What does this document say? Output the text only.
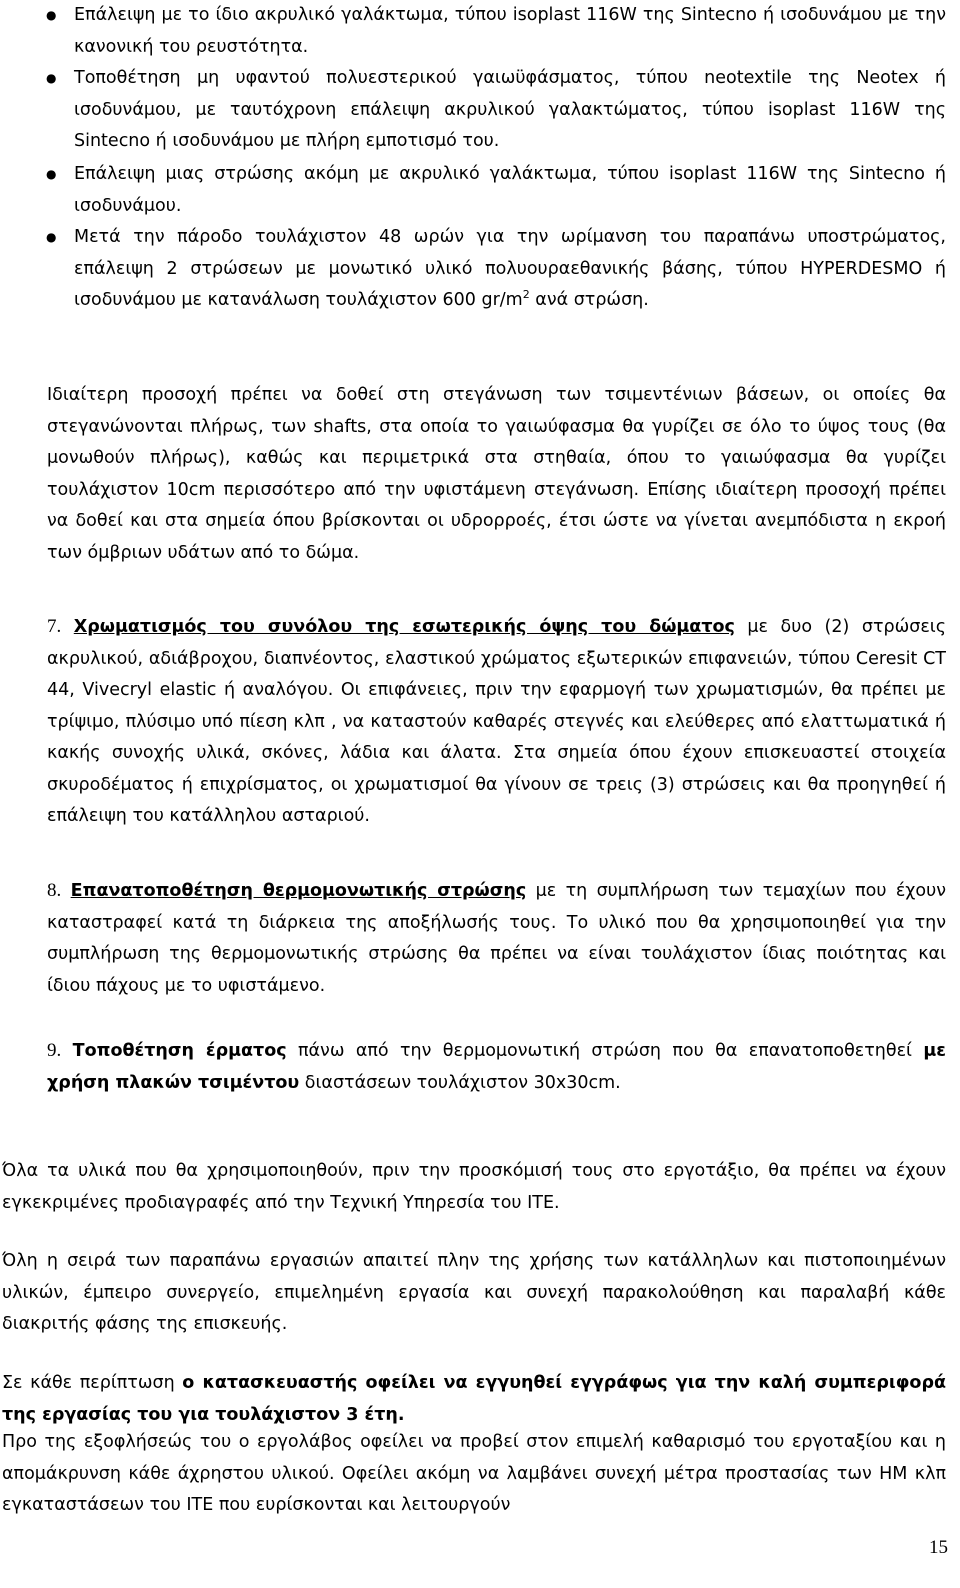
● Επάλειψη με το ίδιο ακρυλικό γαλάκτωμα, τύπου isoplast 116W της Sintecno ή ισοδυνάμου με την κανονική του ρευστότητα.
● Τοποθέτηση μη υφαντού πολυεστερικού γαιωϋφάσματος, τύπου neotextile της Neotex ή ισοδυνάμου, με ταυτόχρονη επάλειψη ακρυλικού γαλακτώματος, τύπου isoplast 116W της Sintecno ή ισοδυνάμου με πλήρη εμποτισμό του.
● Επάλειψη μιας στρώσης ακόμη με ακρυλικό γαλάκτωμα, τύπου isoplast 116W της Sintecno ή ισοδυνάμου.
● Μετά την πάροδο τουλάχιστον 48 ωρών για την ωρίμανση του παραπάνω υποστρώματος, επάλειψη 2 στρώσεων με μονωτικό υλικό πολυουραεθανικής βάσης, τύπου HYPERDESMO ή ισοδυνάμου με κατανάλωση τουλάχιστον 600 $gr/m^2$ ανά στρώση.
Ιδιαίτερη προσοχή πρέπει να δοθεί στη στεγάνωση των τσιμεντένιων βάσεων, οι οποίες θα στεγανώνονται πλήρως, των shafts, στα οποία το γαιωύφασμα θα γυρίζει σε όλο το ύψος τους (θα μονωθούν πλήρως), καθώς και περιμετρικά στα στηθαία, όπου το γαιωύφασμα θα γυρίζει τουλάχιστον 10cm περισσότερο από την υφιστάμενη στεγάνωση. Επίσης ιδιαίτερη προσοχή πρέπει να δοθεί και στα σημεία όπου βρίσκονται οι υδρορροές, έτσι ώστε να γίνεται ανεμπόδιστα η εκροή των όμβριων υδάτων από το δώμα.
7. Χρωματισμός του συνόλου της εσωτερικής όψης του δώματος με δυο (2) στρώσεις ακρυλικού, αδιάβροχου, διαπνέοντος, ελαστικού χρώματος εξωτερικών επιφανειών, τύπου Ceresit CT 44, Vivecryl elastic ή αναλόγου. Οι επιφάνειες, πριν την εφαρμογή των χρωματισμών, θα πρέπει με τρίψιμο, πλύσιμο υπό πίεση κλπ , να καταστούν καθαρές στεγνές και ελεύθερες από ελαττωματικά ή κακής συνοχής υλικά, σκόνες, λάδια και άλατα. Στα σημεία όπου έχουν επισκευαστεί στοιχεία σκυροδέματος ή επιχρίσματος, οι χρωματισμοί θα γίνουν σε τρεις (3) στρώσεις και θα προηγηθεί ή επάλειψη του κατάλληλου ασταριού.
8. Επανατοποθέτηση θερμομονωτικής στρώσης με τη συμπλήρωση των τεμαχίων που έχουν καταστραφεί κατά τη διάρκεια της αποξήλωσής τους. Το υλικό που θα χρησιμοποιηθεί για την συμπλήρωση της θερμομονωτικής στρώσης θα πρέπει να είναι τουλάχιστον ίδιας ποιότητας και ίδιου πάχους με το υφιστάμενο.
9. Τοποθέτηση έρματος πάνω από την θερμομονωτική στρώση που θα επανατοποθετηθεί με χρήση πλακών τσιμέντου διαστάσεων τουλάχιστον 30x30cm.
Όλα τα υλικά που θα χρησιμοποιηθούν, πριν την προσκόμισή τους στο εργοτάξιο, θα πρέπει να έχουν εγκεκριμένες προδιαγραφές από την Τεχνική Υπηρεσία του ΙΤΕ.
Όλη η σειρά των παραπάνω εργασιών απαιτεί πλην της χρήσης των κατάλληλων και πιστοποιημένων υλικών, έμπειρο συνεργείο, επιμελημένη εργασία και συνεχή παρακολούθηση και παραλαβή κάθε διακριτής φάσης της επισκευής.
Σε κάθε περίπτωση ο κατασκευαστής οφείλει να εγγυηθεί εγγράφως για την καλή συμπεριφορά της εργασίας του για τουλάχιστον 3 έτη.
Προ της εξοφλήσεώς του ο εργολάβος οφείλει να προβεί στον επιμελή καθαρισμό του εργοταξίου και η απομάκρυνση κάθε άχρηστου υλικού. Οφείλει ακόμη να λαμβάνει συνεχή μέτρα προστασίας των ΗΜ κλπ εγκαταστάσεων του ΙΤΕ που ευρίσκονται και λειτουργούν
15
